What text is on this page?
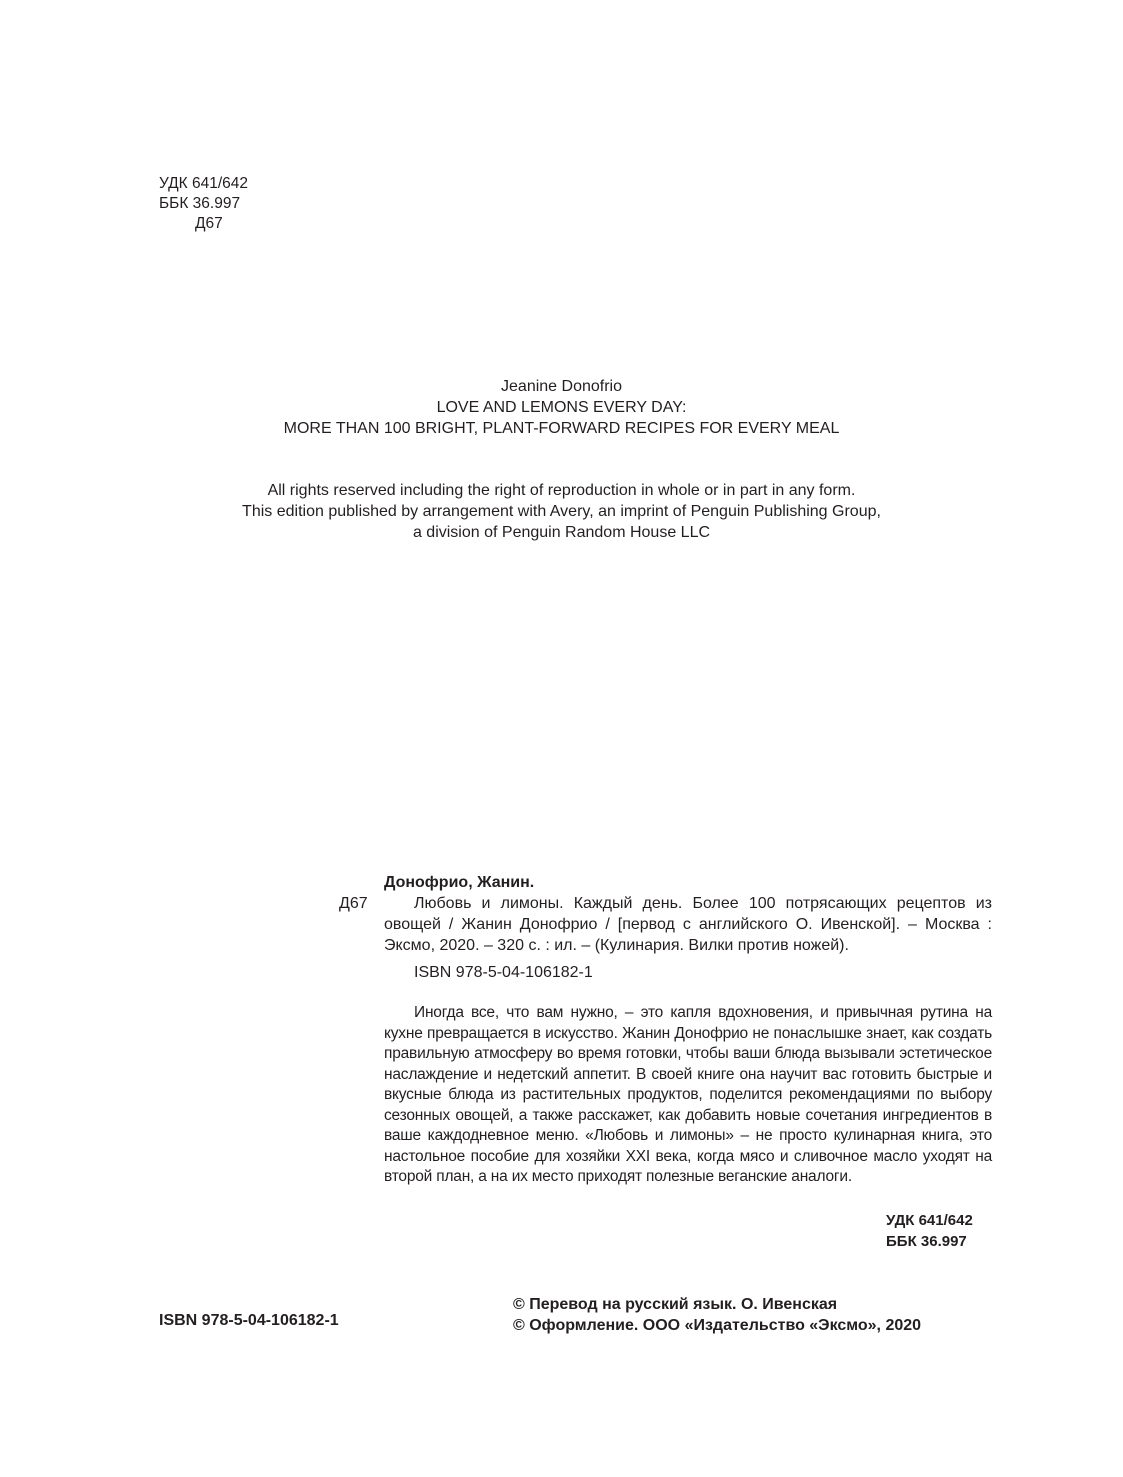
УДК 641/642
ББК 36.997
Д67
Jeanine Donofrio
LOVE AND LEMONS EVERY DAY:
MORE THAN 100 BRIGHT, PLANT-FORWARD RECIPES FOR EVERY MEAL
All rights reserved including the right of reproduction in whole or in part in any form.
This edition published by arrangement with Avery, an imprint of Penguin Publishing Group,
a division of Penguin Random House LLC
Донофрио, Жанин.
Д67	Любовь и лимоны. Каждый день. Более 100 потрясающих рецептов из овощей / Жанин Донофрио / [первод с английского О. Ивенской]. – Москва : Эксмо, 2020. – 320 с. : ил. – (Кулинария. Вилки против ножей).

ISBN 978-5-04-106182-1

Иногда все, что вам нужно, – это капля вдохновения, и привычная рутина на кухне превращается в искусство. Жанин Донофрио не понаслышке знает, как создать правильную атмосферу во время готовки, чтобы ваши блюда вызывали эстетическое наслаждение и недетский аппетит. В своей книге она научит вас готовить быстрые и вкусные блюда из растительных продуктов, поделится рекомендациями по выбору сезонных овощей, а также расскажет, как добавить новые сочетания ингредиентов в ваше каждодневное меню. «Любовь и лимоны» – не просто кулинарная книга, это настольное пособие для хозяйки XXI века, когда мясо и сливочное масло уходят на второй план, а на их место приходят полезные веганские аналоги.

УДК 641/642
ББК 36.997
ISBN 978-5-04-106182-1
© Перевод на русский язык. О. Ивенская
© Оформление. ООО «Издательство «Эксмо», 2020
